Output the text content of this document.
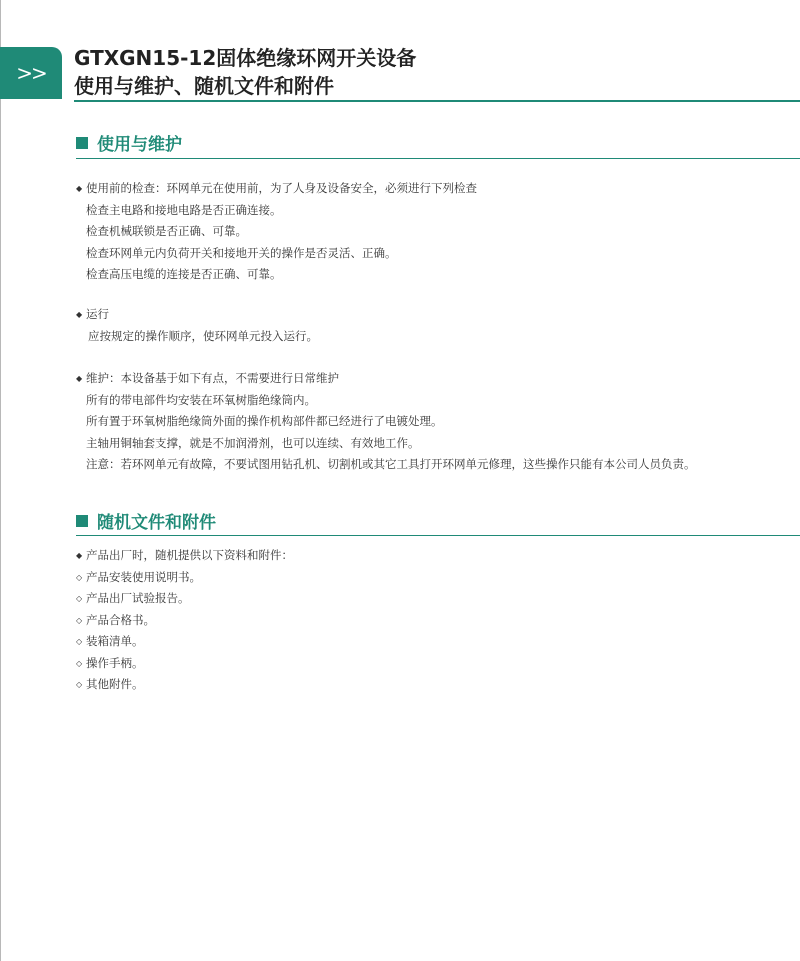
>>
GTXGN15-12固体绝缘环网开关设备
使用与维护、随机文件和附件
使用与维护
◆ 使用前的检查：环网单元在使用前，为了人身及设备安全，必须进行下列检查
检查主电路和接地电路是否正确连接。
检查机械联锁是否正确、可靠。
检查环网单元内负荷开关和接地开关的操作是否灵活、正确。
检查高压电缆的连接是否正确、可靠。
◆ 运行
应按规定的操作顺序，使环网单元投入运行。
◆ 维护：本设备基于如下有点，不需要进行日常维护
所有的带电部件均安装在环氧树脂绝缘筒内。
所有置于环氧树脂绝缘筒外面的操作机构部件都已经进行了电镀处理。
主轴用铜轴套支撑，就是不加润滑剂，也可以连续、有效地工作。
注意：若环网单元有故障，不要试图用钻孔机、切割机或其它工具打开环网单元修理，这些操作只能有本公司人员负责。
随机文件和附件
◆ 产品出厂时，随机提供以下资料和附件：
◇ 产品安装使用说明书。
◇ 产品出厂试验报告。
◇ 产品合格书。
◇ 装箱清单。
◇ 操作手柄。
◇ 其他附件。
